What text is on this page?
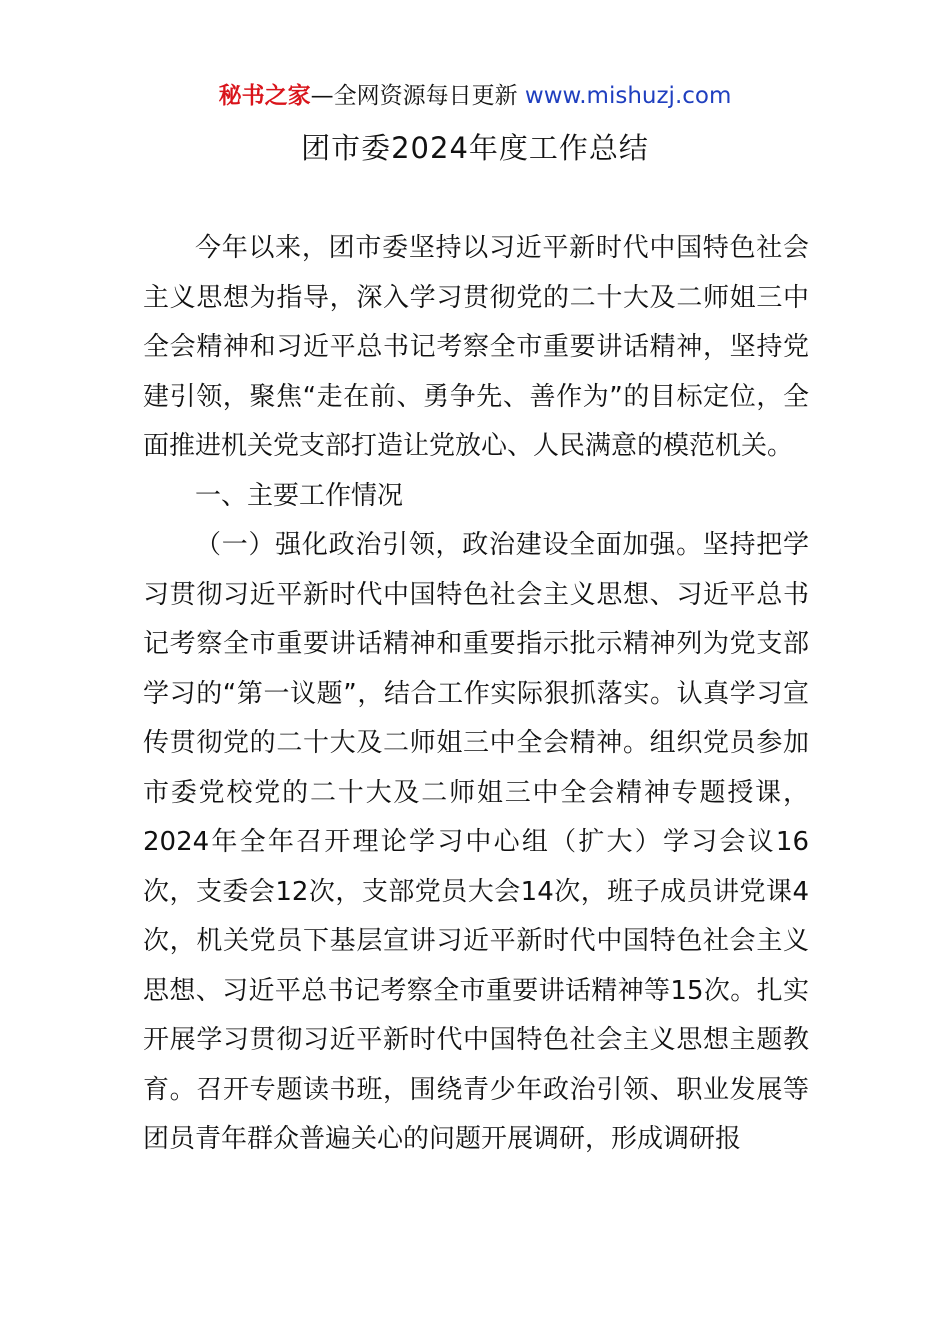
秘书之家—全网资源每日更新 www.mishuzj.com
团市委2024年度工作总结

今年以来，团市委坚持以习近平新时代中国特色社会主义思想为指导，深入学习贯彻党的二十大及二师姐三中全会精神和习近平总书记考察全市重要讲话精神，坚持党建引领，聚焦“走在前、勇争先、善作为”的目标定位，全面推进机关党支部打造让党放心、人民满意的模范机关。

一、主要工作情况

（一）强化政治引领，政治建设全面加强。坚持把学习贯彻习近平新时代中国特色社会主义思想、习近平总书记考察全市重要讲话精神和重要指示批示精神列为党支部学习的“第一议题”，结合工作实际狠抓落实。认真学习宣传贯彻党的二十大及二师姐三中全会精神。组织党员参加市委党校党的二十大及二师姐三中全会精神专题授课，2024年全年召开理论学习中心组（扩大）学习会议16次，支委会12次，支部党员大会14次，班子成员讲党课4次，机关党员下基层宣讲习近平新时代中国特色社会主义思想、习近平总书记考察全市重要讲话精神等15次。扎实开展学习贯彻习近平新时代中国特色社会主义思想主题教育。召开专题读书班，围绕青少年政治引领、职业发展等团员青年群众普遍关心的问题开展调研，形成调研报
